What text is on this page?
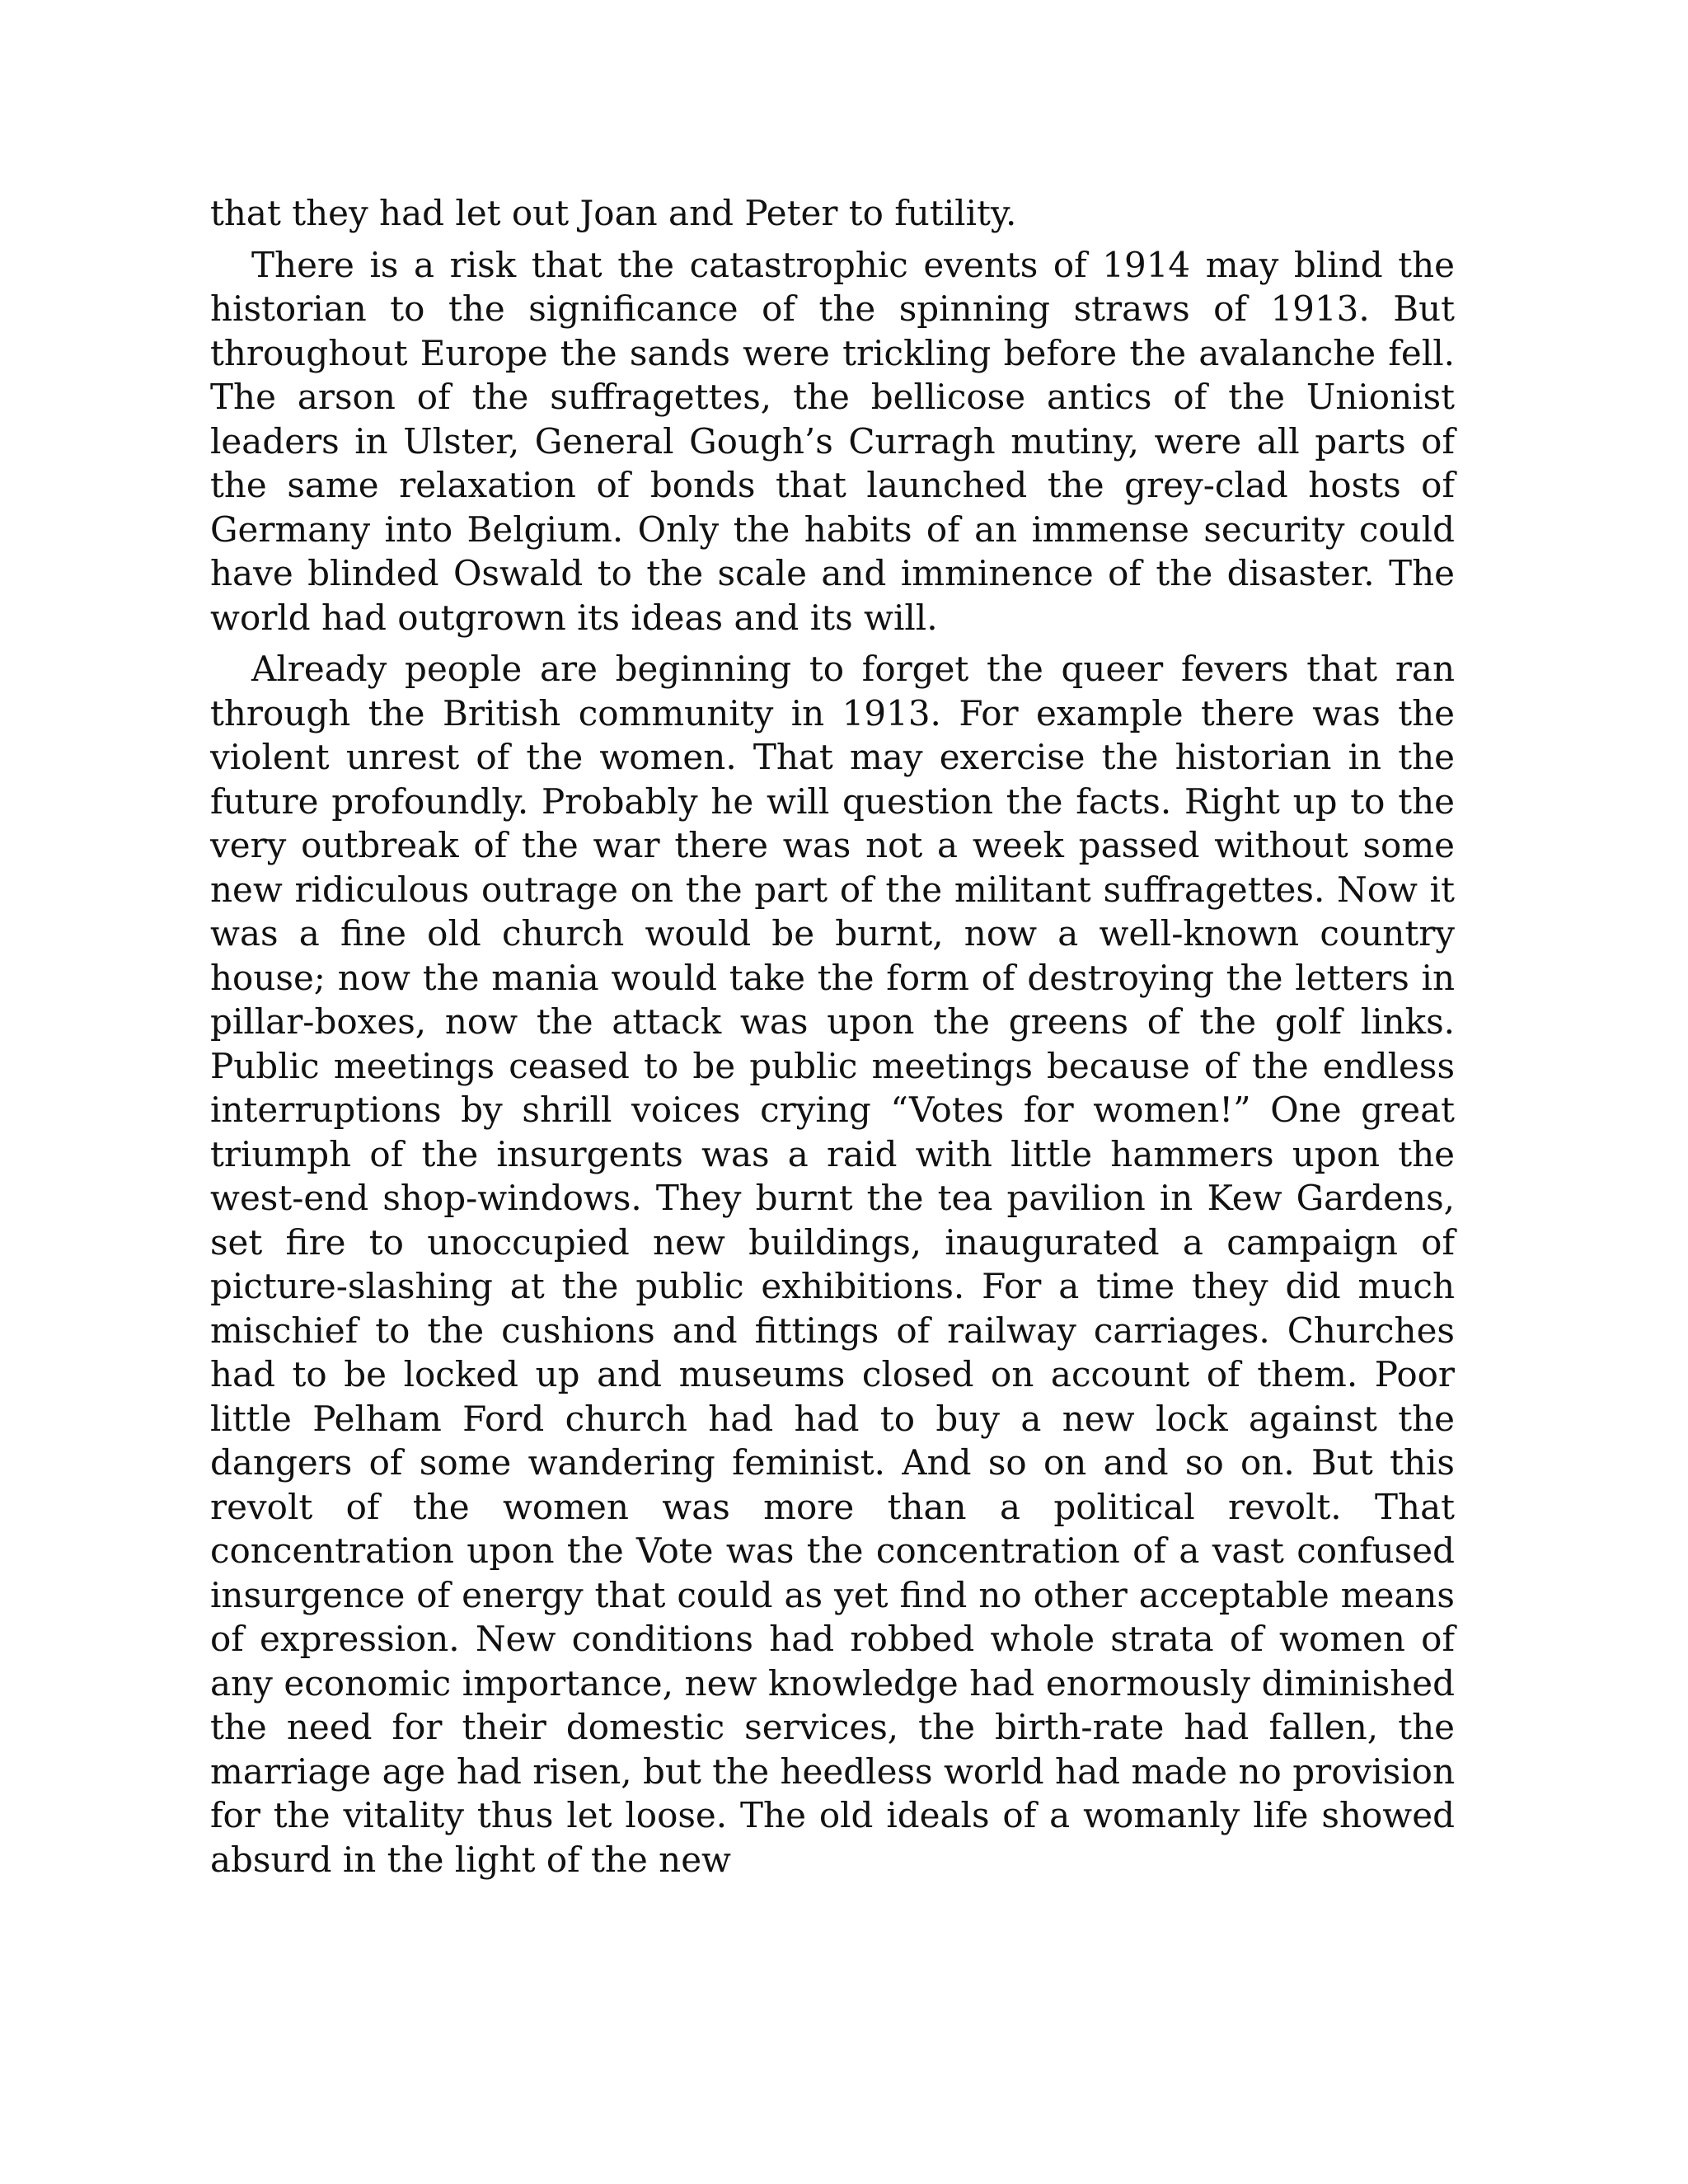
that they had let out Joan and Peter to futility.

There is a risk that the catastrophic events of 1914 may blind the historian to the significance of the spinning straws of 1913. But throughout Europe the sands were trickling before the avalanche fell. The arson of the suffragettes, the bellicose antics of the Unionist leaders in Ulster, General Gough’s Curragh mutiny, were all parts of the same relaxation of bonds that launched the grey-clad hosts of Germany into Belgium. Only the habits of an immense security could have blinded Oswald to the scale and imminence of the disaster. The world had outgrown its ideas and its will.

Already people are beginning to forget the queer fevers that ran through the British community in 1913. For example there was the violent unrest of the women. That may exercise the historian in the future profoundly. Probably he will question the facts. Right up to the very outbreak of the war there was not a week passed without some new ridiculous outrage on the part of the militant suffragettes. Now it was a fine old church would be burnt, now a well-known country house; now the mania would take the form of destroying the letters in pillar-boxes, now the attack was upon the greens of the golf links. Public meetings ceased to be public meetings because of the endless interruptions by shrill voices crying “Votes for women!” One great triumph of the insurgents was a raid with little hammers upon the west-end shop-windows. They burnt the tea pavilion in Kew Gardens, set fire to unoccupied new buildings, inaugurated a campaign of picture-slashing at the public exhibitions. For a time they did much mischief to the cushions and fittings of railway carriages. Churches had to be locked up and museums closed on account of them. Poor little Pelham Ford church had had to buy a new lock against the dangers of some wandering feminist. And so on and so on. But this revolt of the women was more than a political revolt. That concentration upon the Vote was the concentration of a vast confused insurgence of energy that could as yet find no other acceptable means of expression. New conditions had robbed whole strata of women of any economic importance, new knowledge had enormously diminished the need for their domestic services, the birth-rate had fallen, the marriage age had risen, but the heedless world had made no provision for the vitality thus let loose. The old ideals of a womanly life showed absurd in the light of the new
